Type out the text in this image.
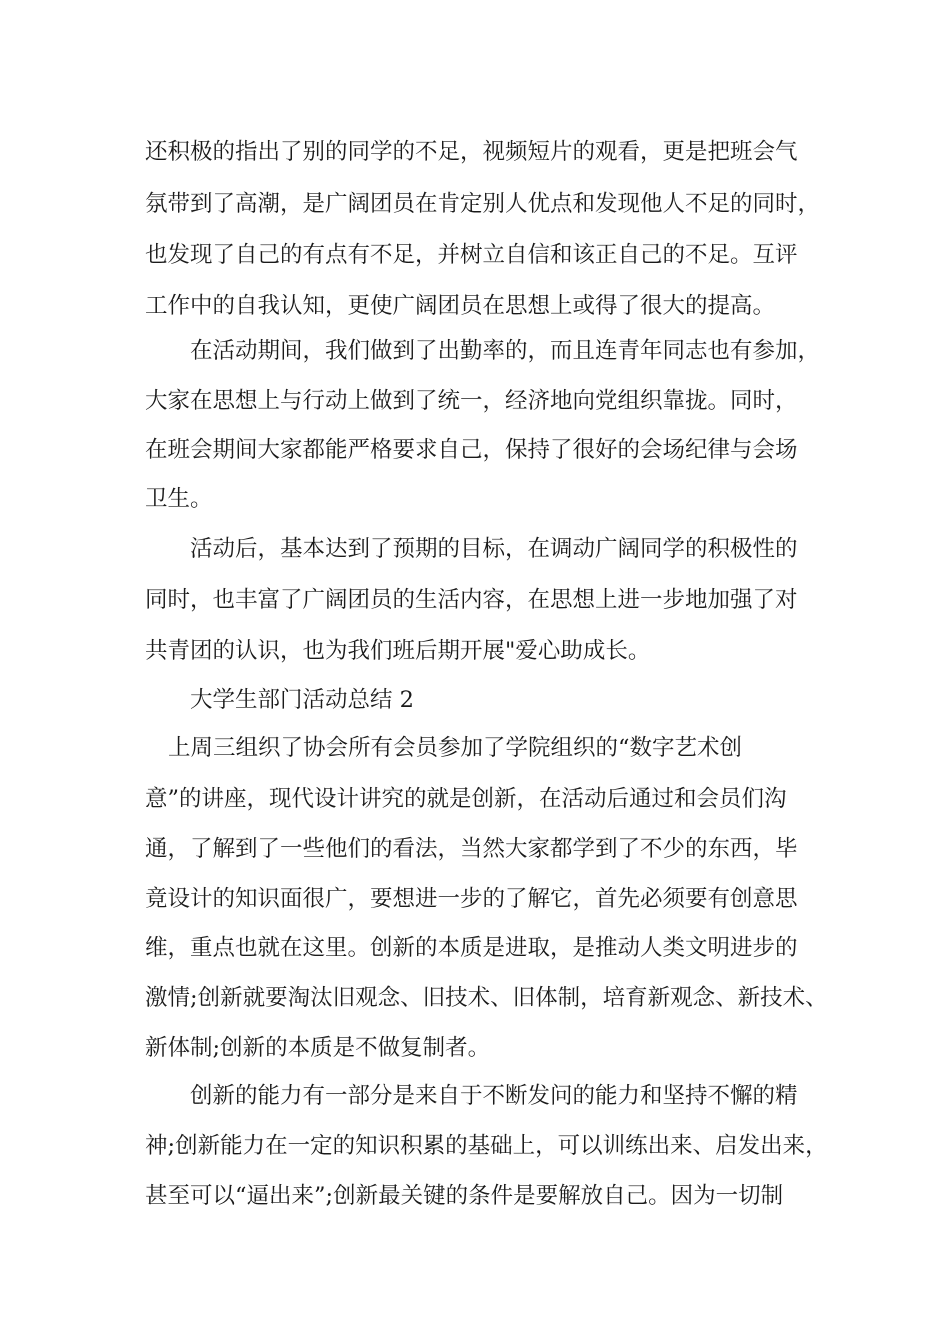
还积极的指出了别的同学的不足，视频短片的观看，更是把班会气

氛带到了高潮，是广阔团员在肯定别人优点和发现他人不足的同时，

也发现了自己的有点有不足，并树立自信和该正自己的不足。互评

工作中的自我认知，更使广阔团员在思想上或得了很大的提高。

在活动期间，我们做到了出勤率的，而且连青年同志也有参加，

大家在思想上与行动上做到了统一，经济地向党组织靠拢。同时，

在班会期间大家都能严格要求自己，保持了很好的会场纪律与会场

卫生。

活动后，基本达到了预期的目标，在调动广阔同学的积极性的

同时，也丰富了广阔团员的生活内容，在思想上进一步地加强了对

共青团的认识，也为我们班后期开展"爱心助成长。

大学生部门活动总结 2

上周三组织了协会所有会员参加了学院组织的“数字艺术创

意”的讲座，现代设计讲究的就是创新，在活动后通过和会员们沟

通，了解到了一些他们的看法，当然大家都学到了不少的东西，毕

竟设计的知识面很广，要想进一步的了解它，首先必须要有创意思

维，重点也就在这里。创新的本质是进取，是推动人类文明进步的

激情;创新就要淘汰旧观念、旧技术、旧体制，培育新观念、新技术、

新体制;创新的本质是不做复制者。

创新的能力有一部分是来自于不断发问的能力和坚持不懈的精

神;创新能力在一定的知识积累的基础上，可以训练出来、启发出来，

甚至可以“逼出来”;创新最关键的条件是要解放自己。因为一切制
